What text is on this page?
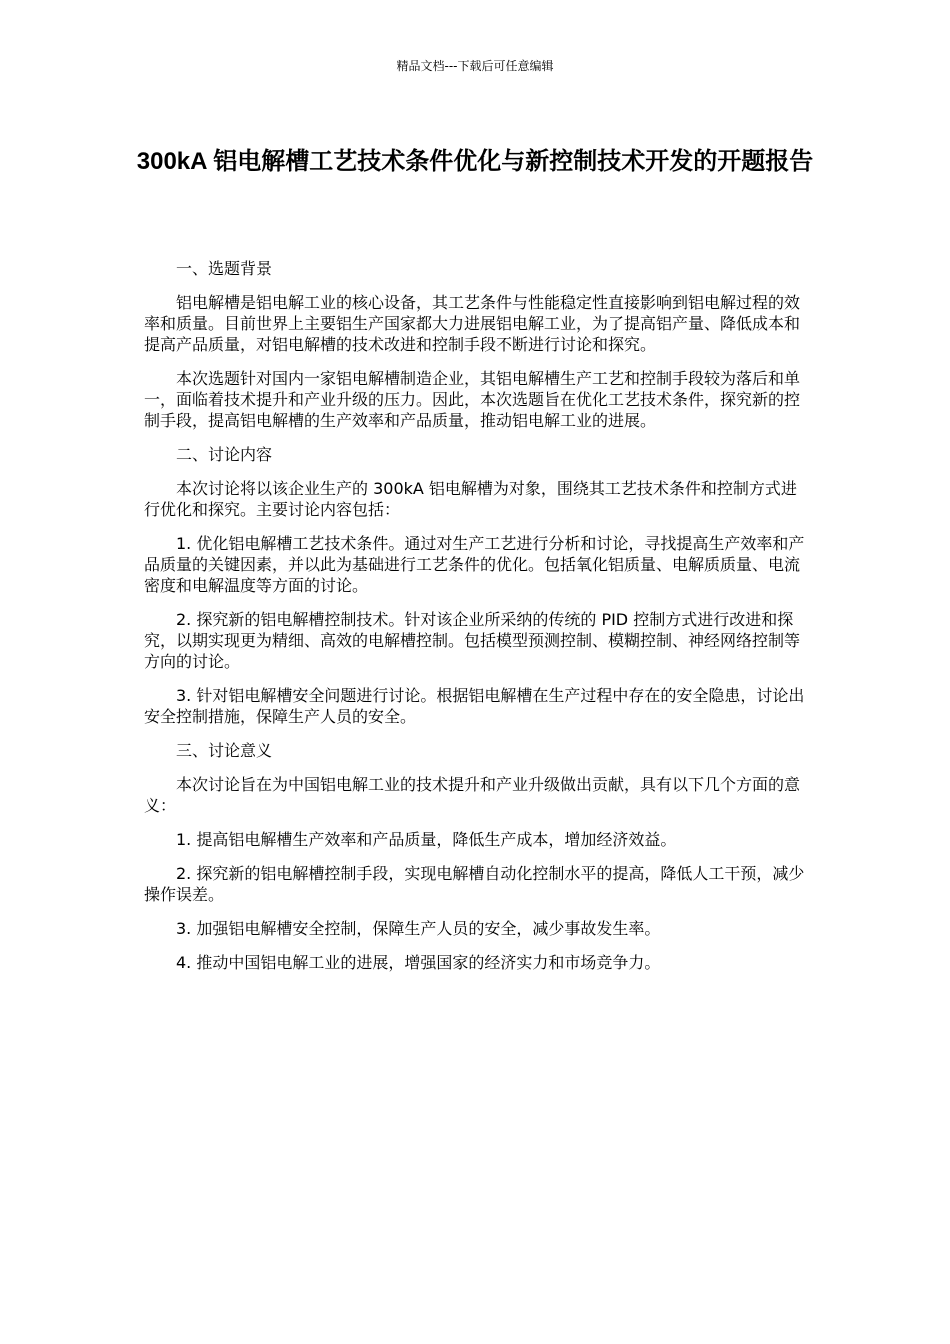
精品文档---下载后可任意编辑
300kA 铝电解槽工艺技术条件优化与新控制技术开发的开题报告

一、选题背景

铝电解槽是铝电解工业的核心设备，其工艺条件与性能稳定性直接影响到铝电解过程的效率和质量。目前世界上主要铝生产国家都大力进展铝电解工业，为了提高铝产量、降低成本和提高产品质量，对铝电解槽的技术改进和控制手段不断进行讨论和探究。

本次选题针对国内一家铝电解槽制造企业，其铝电解槽生产工艺和控制手段较为落后和单一，面临着技术提升和产业升级的压力。因此，本次选题旨在优化工艺技术条件，探究新的控制手段，提高铝电解槽的生产效率和产品质量，推动铝电解工业的进展。

二、讨论内容

本次讨论将以该企业生产的 300kA 铝电解槽为对象，围绕其工艺技术条件和控制方式进行优化和探究。主要讨论内容包括：

1. 优化铝电解槽工艺技术条件。通过对生产工艺进行分析和讨论，寻找提高生产效率和产品质量的关键因素，并以此为基础进行工艺条件的优化。包括氧化铝质量、电解质质量、电流密度和电解温度等方面的讨论。

2. 探究新的铝电解槽控制技术。针对该企业所采纳的传统的 PID 控制方式进行改进和探究，以期实现更为精细、高效的电解槽控制。包括模型预测控制、模糊控制、神经网络控制等方向的讨论。

3. 针对铝电解槽安全问题进行讨论。根据铝电解槽在生产过程中存在的安全隐患，讨论出安全控制措施，保障生产人员的安全。

三、讨论意义

本次讨论旨在为中国铝电解工业的技术提升和产业升级做出贡献，具有以下几个方面的意义：

1. 提高铝电解槽生产效率和产品质量，降低生产成本，增加经济效益。

2. 探究新的铝电解槽控制手段，实现电解槽自动化控制水平的提高，降低人工干预，减少操作误差。

3. 加强铝电解槽安全控制，保障生产人员的安全，减少事故发生率。

4. 推动中国铝电解工业的进展，增强国家的经济实力和市场竞争力。
